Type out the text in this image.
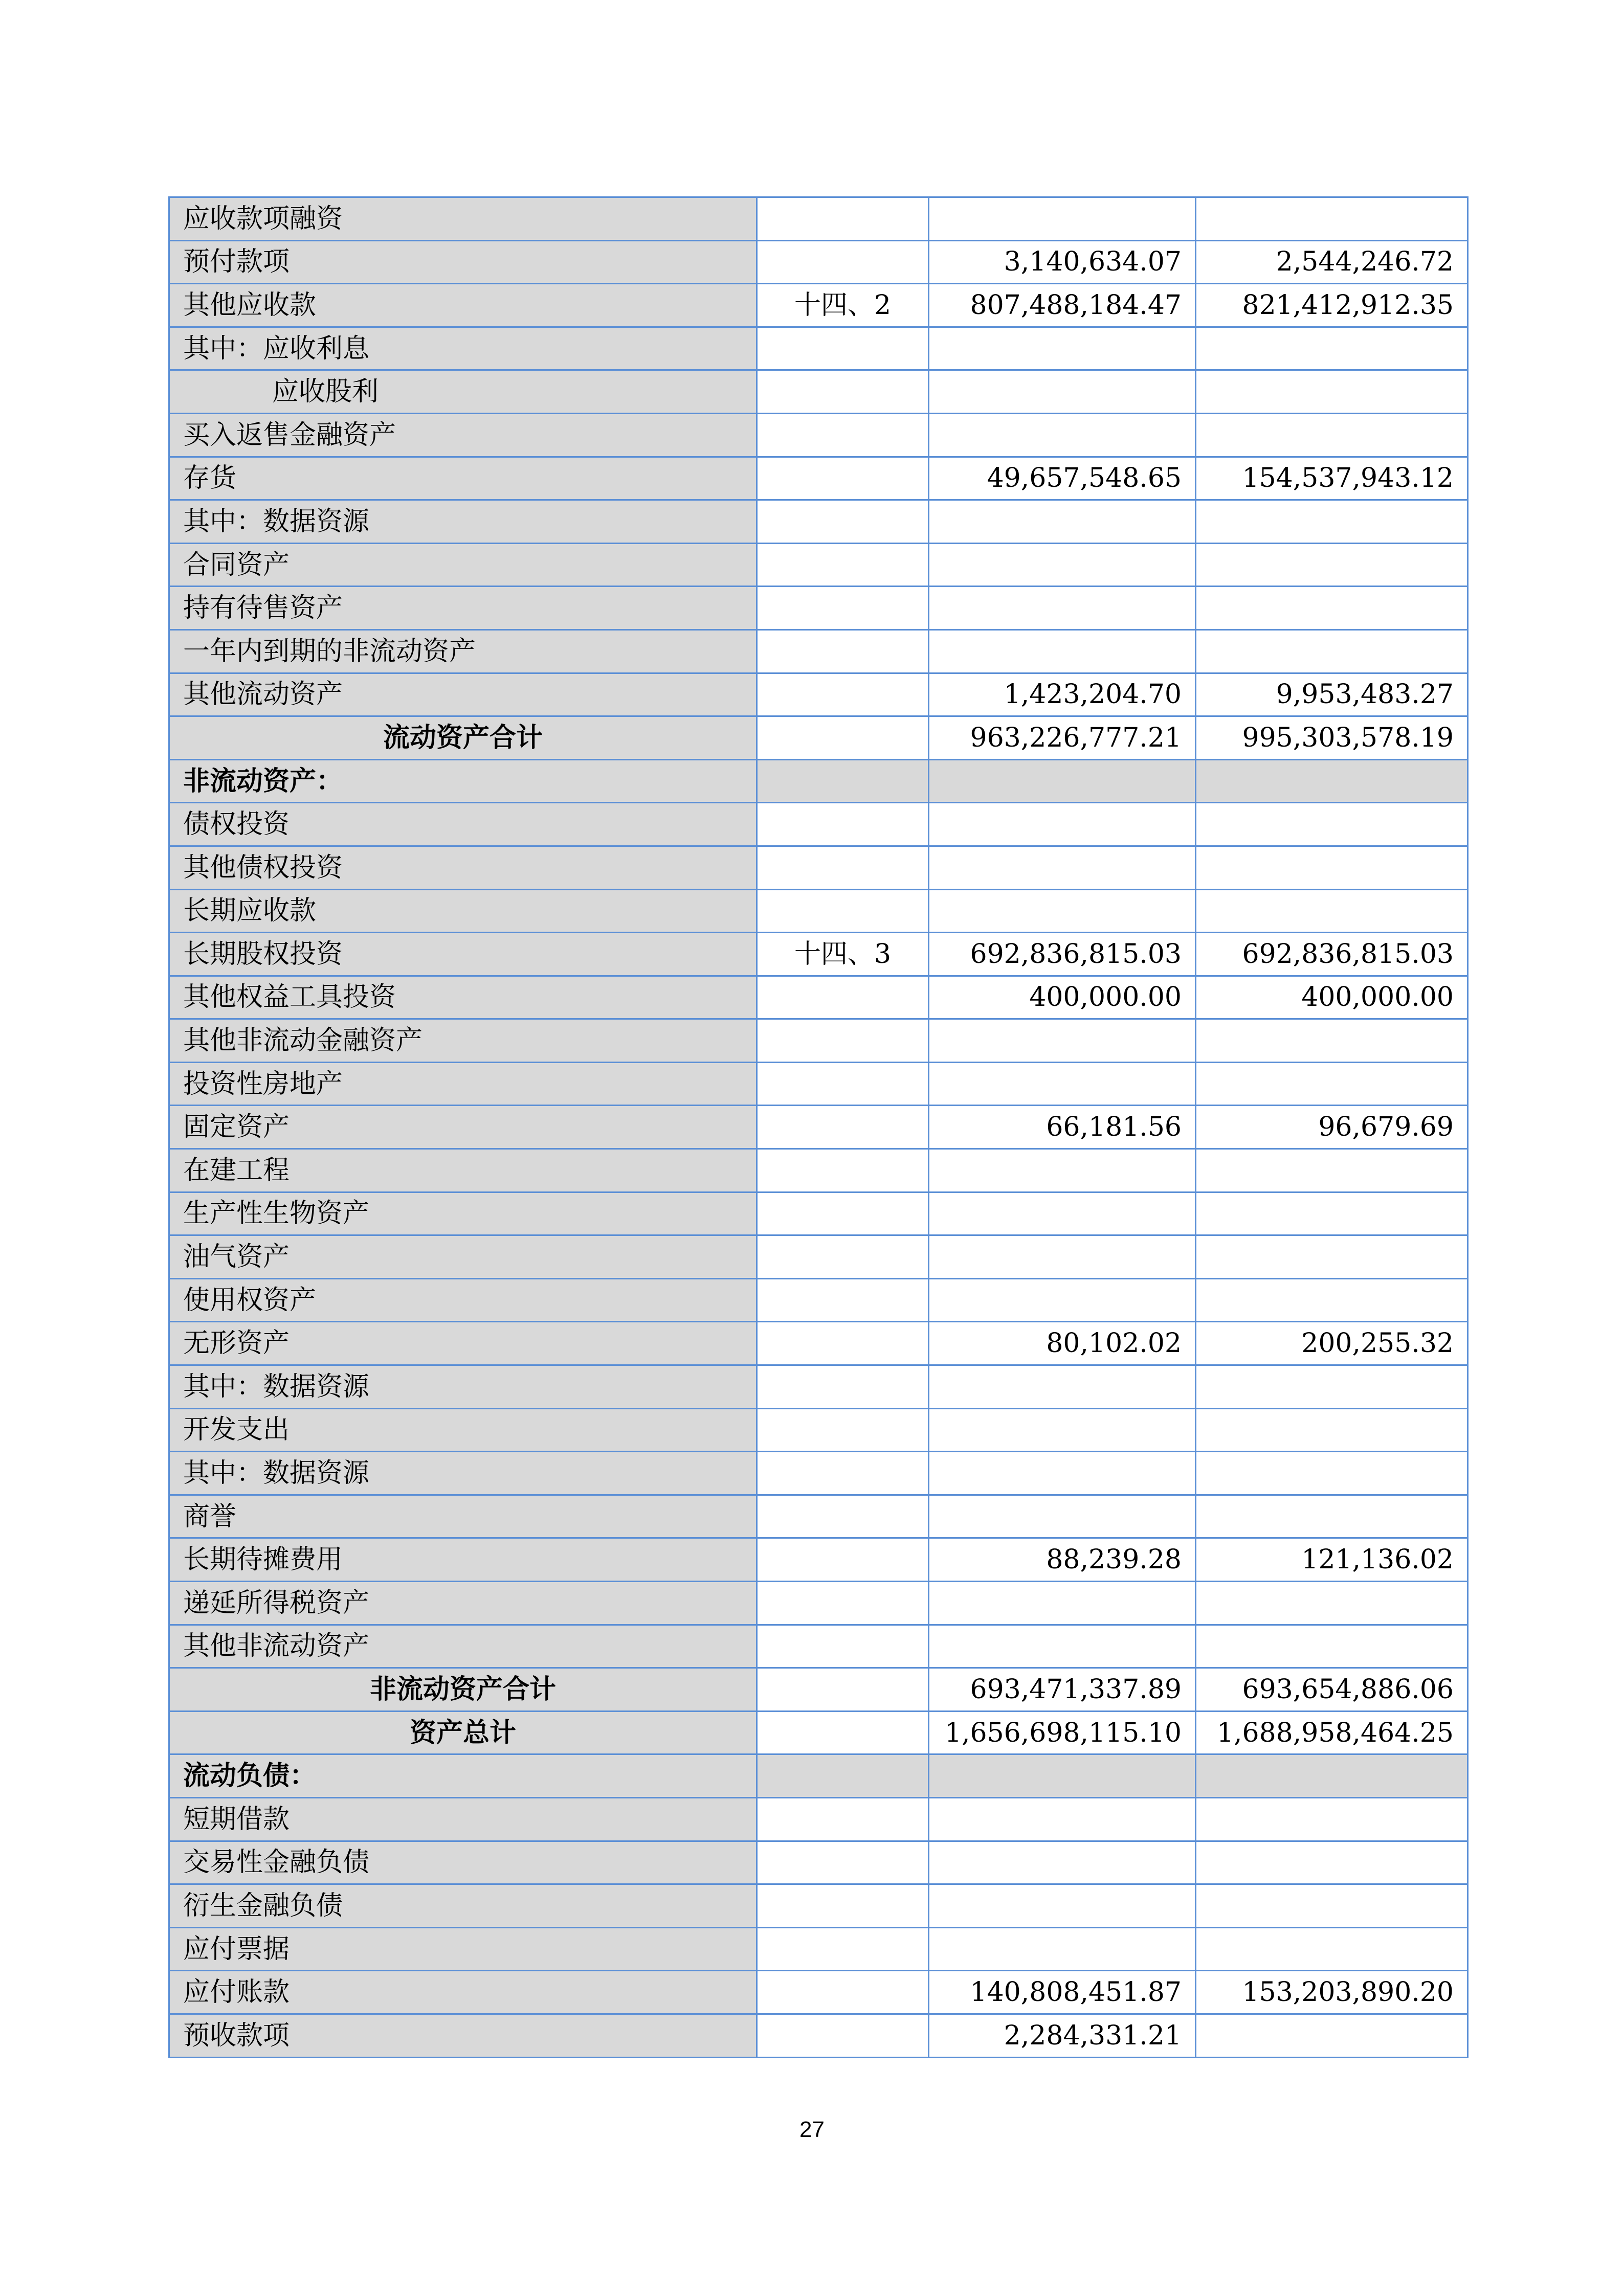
应收款项融资			
预付款项		3,140,634.07	2,544,246.72
其他应收款	十四、2	807,488,184.47	821,412,912.35
其中：应收利息			
应收股利			
买入返售金融资产			
存货		49,657,548.65	154,537,943.12
其中：数据资源			
合同资产			
持有待售资产			
一年内到期的非流动资产			
其他流动资产		1,423,204.70	9,953,483.27
流动资产合计		963,226,777.21	995,303,578.19
非流动资产：			
债权投资			
其他债权投资			
长期应收款			
长期股权投资	十四、3	692,836,815.03	692,836,815.03
其他权益工具投资		400,000.00	400,000.00
其他非流动金融资产			
投资性房地产			
固定资产		66,181.56	96,679.69
在建工程			
生产性生物资产			
油气资产			
使用权资产			
无形资产		80,102.02	200,255.32
其中：数据资源			
开发支出			
其中：数据资源			
商誉			
长期待摊费用		88,239.28	121,136.02
递延所得税资产			
其他非流动资产			
非流动资产合计		693,471,337.89	693,654,886.06
资产总计		1,656,698,115.10	1,688,958,464.25
流动负债：			
短期借款			
交易性金融负债			
衍生金融负债			
应付票据			
应付账款		140,808,451.87	153,203,890.20
预收款项		2,284,331.21	
27
